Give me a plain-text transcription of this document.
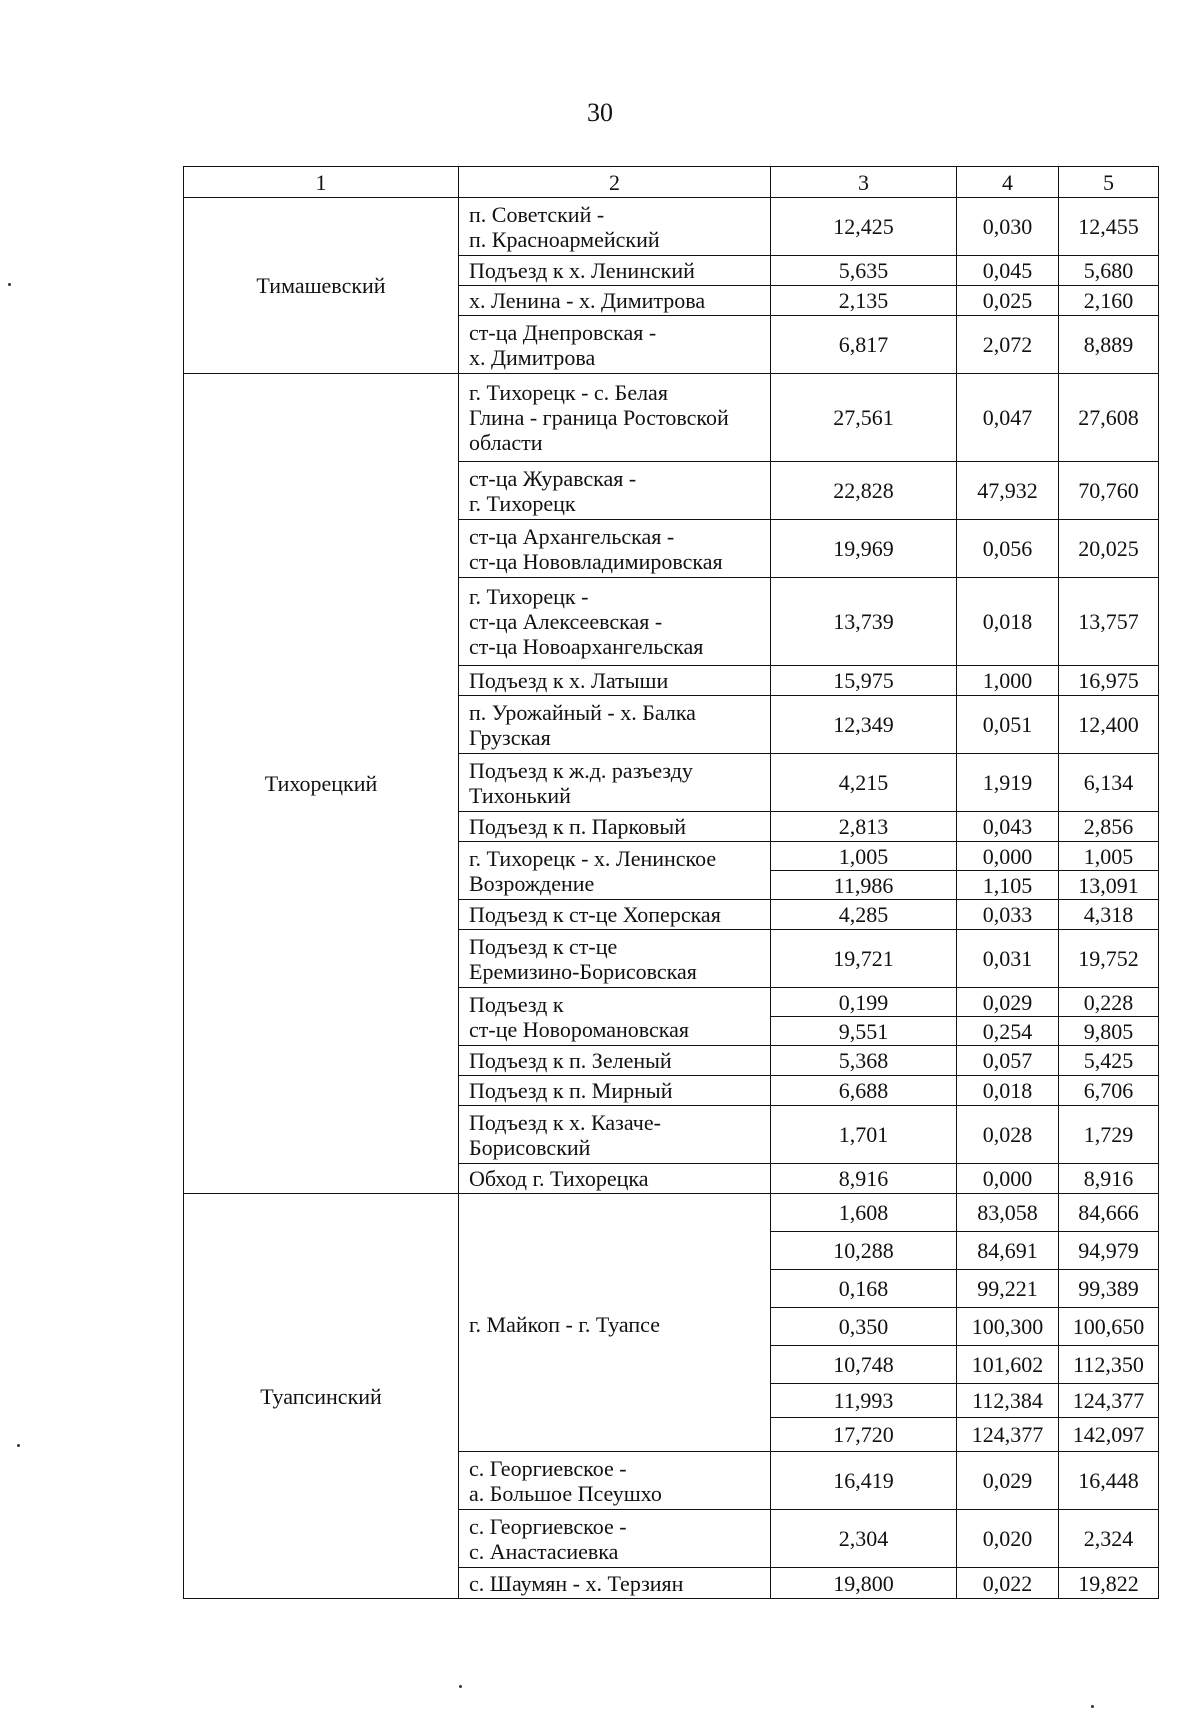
30
1	2	3	4	5
Тимашевский	п. Советский -
п. Красноармейский	12,425	0,030	12,455

	Подъезд к х. Ленинский	5,635	0,045	5,680

	х. Ленина - х. Димитрова	2,135	0,025	2,160

	ст-ца Днепровская -
х. Димитрова	6,817	2,072	8,889
Тихорецкий	г. Тихорецк - с. Белая
Глина - граница Ростовской
области	27,561	0,047	27,608

	ст-ца Журавская -
г. Тихорецк	22,828	47,932	70,760

	ст-ца Архангельская -
ст-ца Нововладимировская	19,969	0,056	20,025

	г. Тихорецк -
ст-ца Алексеевская -
ст-ца Новоархангельская	13,739	0,018	13,757

	Подъезд к х. Латыши	15,975	1,000	16,975

	п. Урожайный - х. Балка
Грузская	12,349	0,051	12,400

	Подъезд к ж.д. разъезду
Тихонький	4,215	1,919	6,134

	Подъезд к п. Парковый	2,813	0,043	2,856

	г. Тихорецк - х. Ленинское
Возрождение	1,005	0,000	1,005
		11,986	1,105	13,091

	Подъезд к ст-це Хоперская	4,285	0,033	4,318

	Подъезд к ст-це
Еремизино-Борисовская	19,721	0,031	19,752

	Подъезд к
ст-це Новоромановская	0,199	0,029	0,228
		9,551	0,254	9,805

	Подъезд к п. Зеленый	5,368	0,057	5,425

	Подъезд к п. Мирный	6,688	0,018	6,706

	Подъезд к х. Казаче-
Борисовский	1,701	0,028	1,729

	Обход г. Тихорецка	8,916	0,000	8,916
Туапсинский	г. Майкоп - г. Туапсе	1,608	83,058	84,666
		10,288	84,691	94,979
		0,168	99,221	99,389
		0,350	100,300	100,650
		10,748	101,602	112,350
		11,993	112,384	124,377
		17,720	124,377	142,097

	с. Георгиевское -
а. Большое Псеушхо	16,419	0,029	16,448

	с. Георгиевское -
с. Анастасиевка	2,304	0,020	2,324

	с. Шаумян - х. Терзиян	19,800	0,022	19,822
